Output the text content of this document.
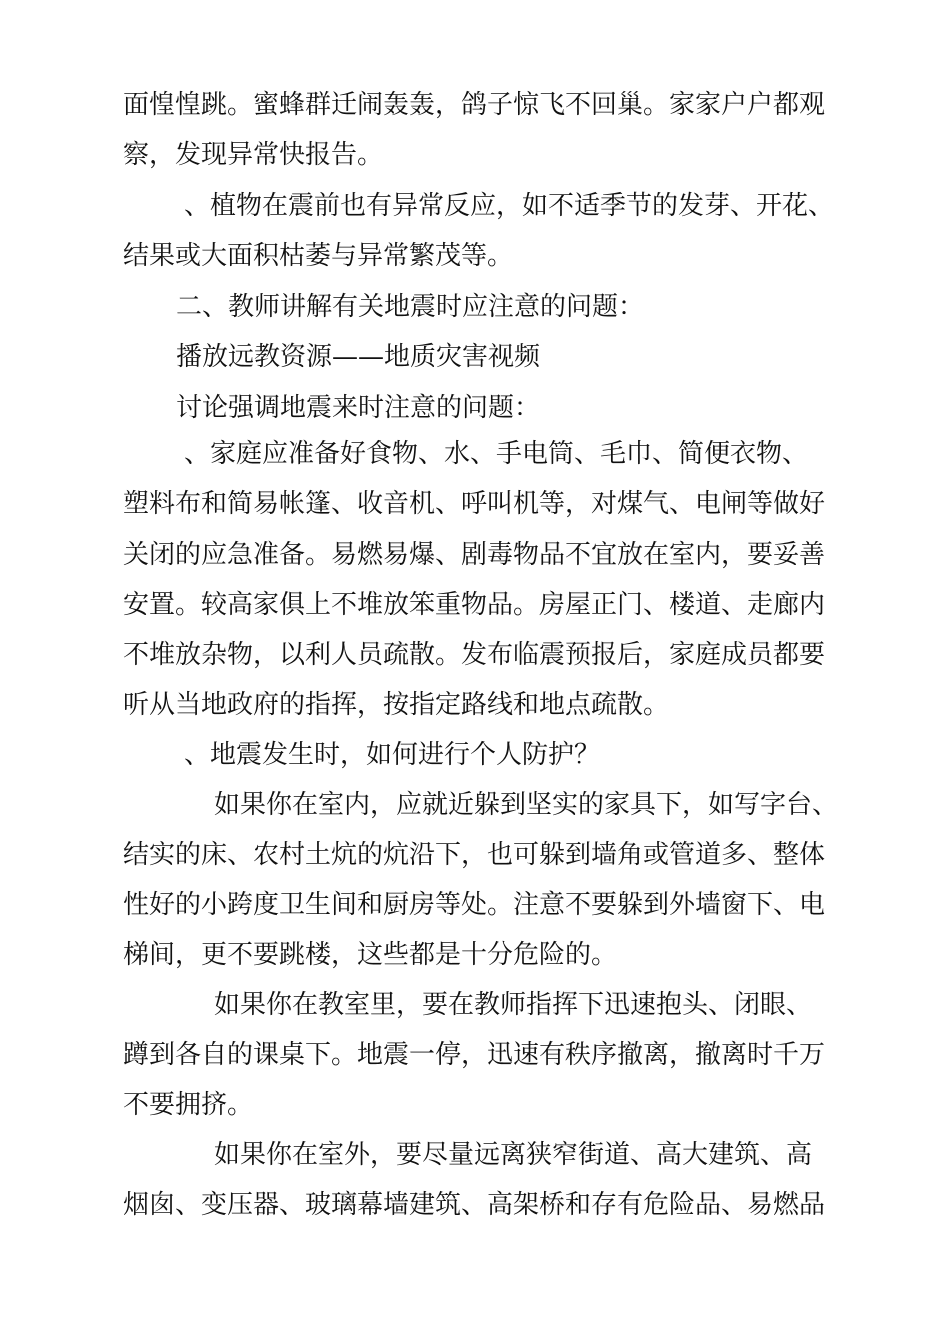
面惶惶跳。蜜蜂群迁闹轰轰，鸽子惊飞不回巢。家家户户都观
察，发现异常快报告。
、植物在震前也有异常反应，如不适季节的发芽、开花、
结果或大面积枯萎与异常繁茂等。
二、教师讲解有关地震时应注意的问题：
播放远教资源——地质灾害视频
讨论强调地震来时注意的问题：
、家庭应准备好食物、水、手电筒、毛巾、简便衣物、
塑料布和简易帐篷、收音机、呼叫机等，对煤气、电闸等做好
关闭的应急准备。易燃易爆、剧毒物品不宜放在室内，要妥善
安置。较高家俱上不堆放笨重物品。房屋正门、楼道、走廊内
不堆放杂物，以利人员疏散。发布临震预报后，家庭成员都要
听从当地政府的指挥，按指定路线和地点疏散。
、地震发生时，如何进行个人防护？
如果你在室内，应就近躲到坚实的家具下，如写字台、
结实的床、农村土炕的炕沿下，也可躲到墙角或管道多、整体
性好的小跨度卫生间和厨房等处。注意不要躲到外墙窗下、电
梯间，更不要跳楼，这些都是十分危险的。
如果你在教室里，要在教师指挥下迅速抱头、闭眼、
蹲到各自的课桌下。地震一停，迅速有秩序撤离，撤离时千万
不要拥挤。
如果你在室外，要尽量远离狭窄街道、高大建筑、高
烟囱、变压器、玻璃幕墙建筑、高架桥和存有危险品、易燃品
